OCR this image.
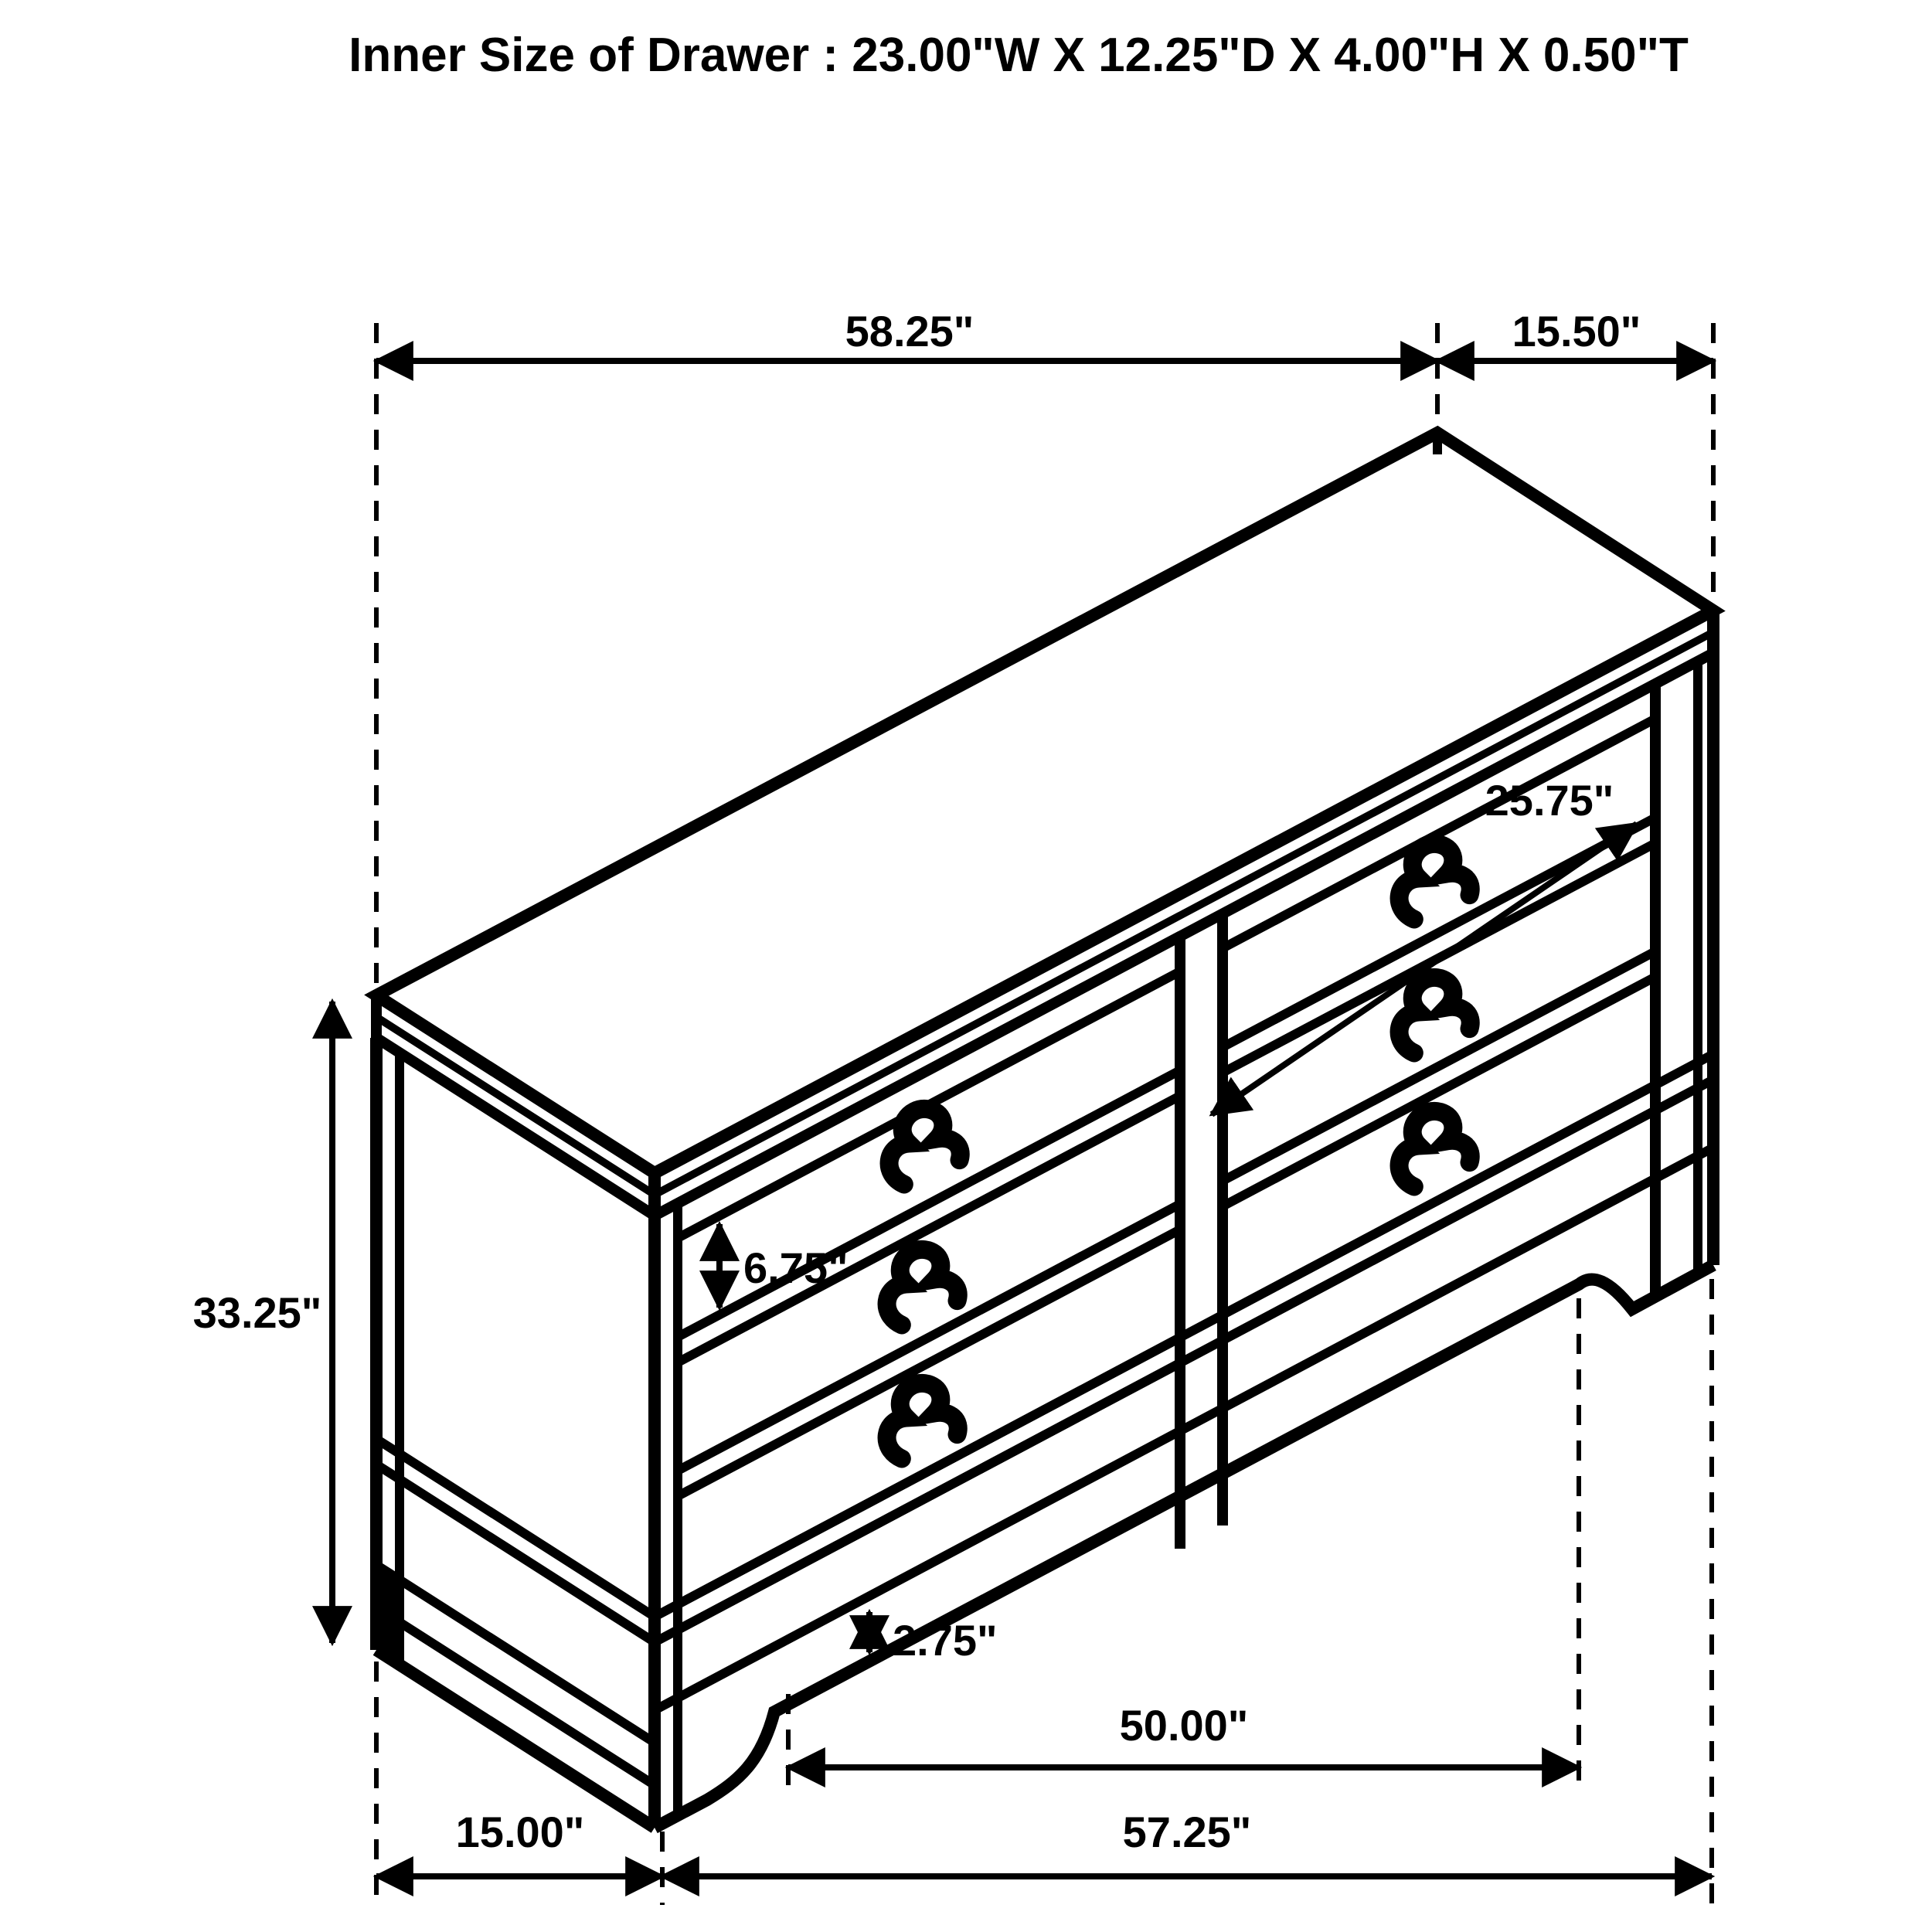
Inner Size of Drawer : 23.00"W X 12.25"D X 4.00"H X 0.50"T
58.25"	15.50"
33.25"
25.75"
6.75"
2.75"
50.00"
15.00"	57.25"
